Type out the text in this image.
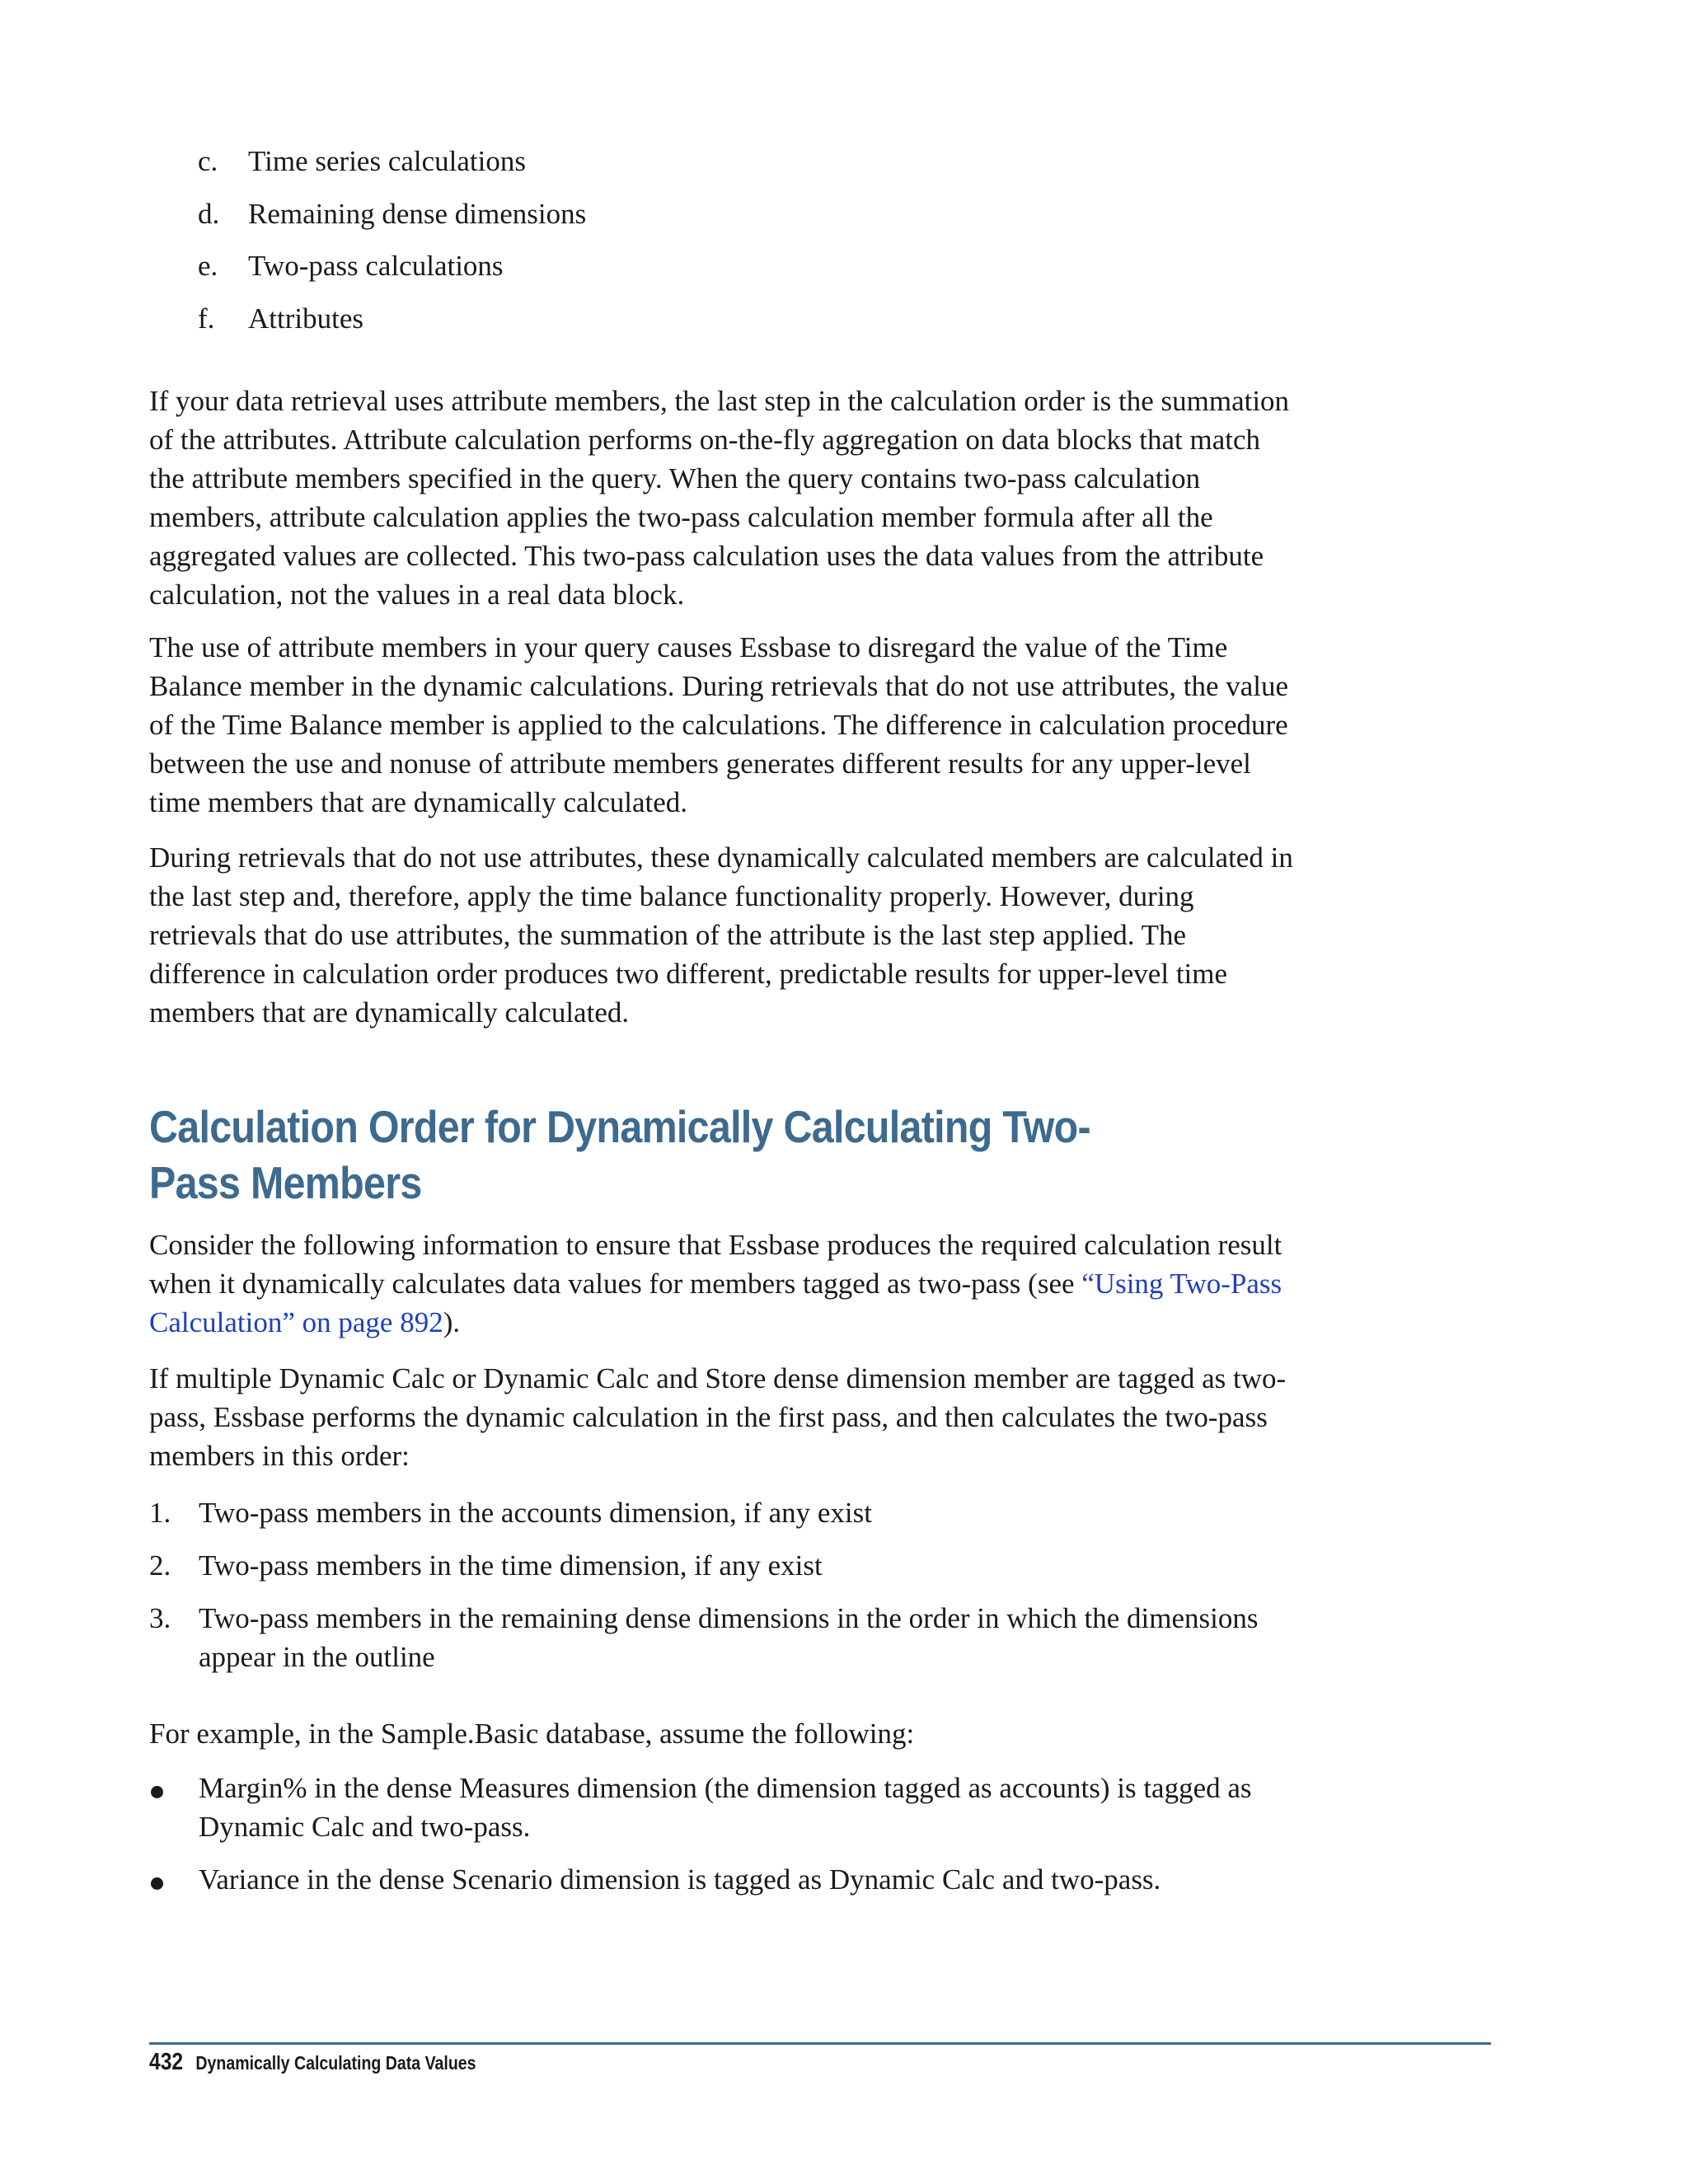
c. Time series calculations
d. Remaining dense dimensions
e. Two-pass calculations
f. Attributes

If your data retrieval uses attribute members, the last step in the calculation order is the summation of the attributes. Attribute calculation performs on-the-fly aggregation on data blocks that match the attribute members specified in the query. When the query contains two-pass calculation members, attribute calculation applies the two-pass calculation member formula after all the aggregated values are collected. This two-pass calculation uses the data values from the attribute calculation, not the values in a real data block.

The use of attribute members in your query causes Essbase to disregard the value of the Time Balance member in the dynamic calculations. During retrievals that do not use attributes, the value of the Time Balance member is applied to the calculations. The difference in calculation procedure between the use and nonuse of attribute members generates different results for any upper-level time members that are dynamically calculated.

During retrievals that do not use attributes, these dynamically calculated members are calculated in the last step and, therefore, apply the time balance functionality properly. However, during retrievals that do use attributes, the summation of the attribute is the last step applied. The difference in calculation order produces two different, predictable results for upper-level time members that are dynamically calculated.

Calculation Order for Dynamically Calculating Two-Pass Members

Consider the following information to ensure that Essbase produces the required calculation result when it dynamically calculates data values for members tagged as two-pass (see “Using Two-Pass Calculation” on page 892).

If multiple Dynamic Calc or Dynamic Calc and Store dense dimension member are tagged as two-pass, Essbase performs the dynamic calculation in the first pass, and then calculates the two-pass members in this order:

1. Two-pass members in the accounts dimension, if any exist
2. Two-pass members in the time dimension, if any exist
3. Two-pass members in the remaining dense dimensions in the order in which the dimensions appear in the outline

For example, in the Sample.Basic database, assume the following:

Margin% in the dense Measures dimension (the dimension tagged as accounts) is tagged as Dynamic Calc and two-pass.
Variance in the dense Scenario dimension is tagged as Dynamic Calc and two-pass.
432 Dynamically Calculating Data Values
